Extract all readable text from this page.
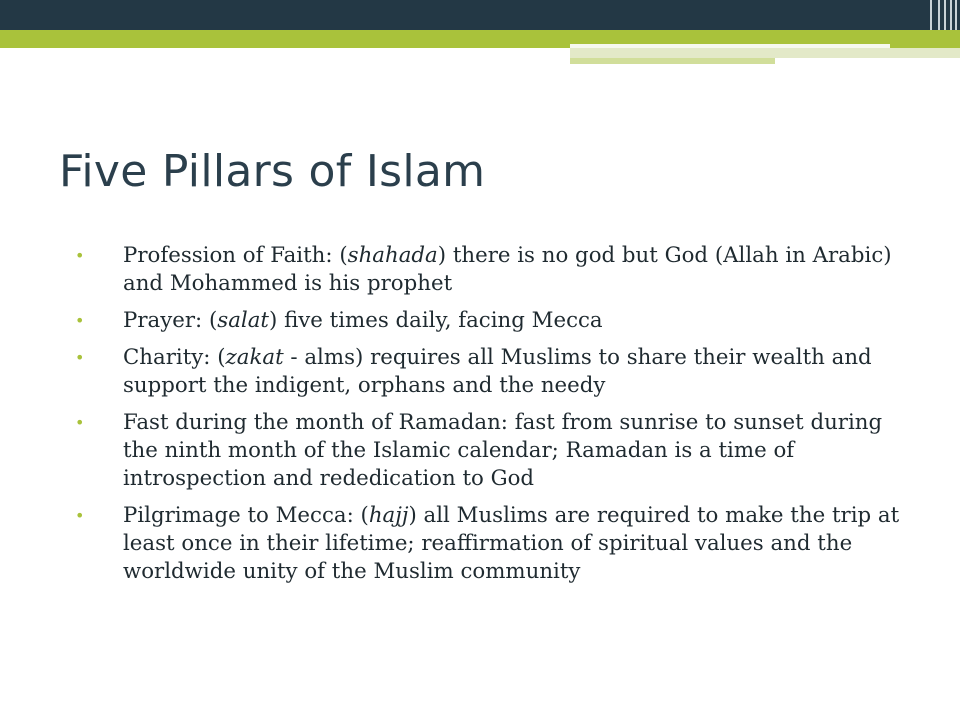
Five Pillars of Islam
• Profession of Faith: (shahada) there is no god but God (Allah in Arabic) and Mohammed is his prophet
• Prayer: (salat) five times daily, facing Mecca
• Charity: (zakat - alms) requires all Muslims to share their wealth and support the indigent, orphans and the needy
• Fast during the month of Ramadan: fast from sunrise to sunset during the ninth month of the Islamic calendar; Ramadan is a time of introspection and rededication to God
• Pilgrimage to Mecca: (hajj) all Muslims are required to make the trip at least once in their lifetime; reaffirmation of spiritual values and the worldwide unity of the Muslim community
